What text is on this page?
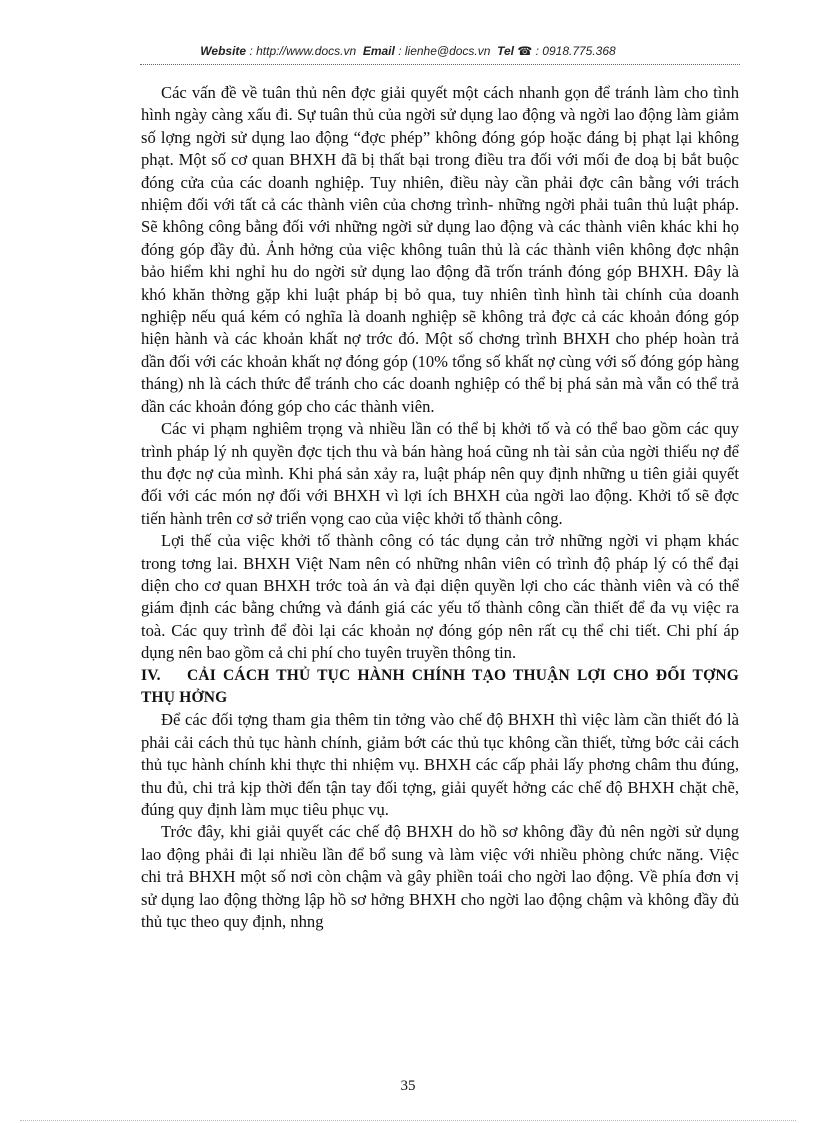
Website : http://www.docs.vn Email : lienhe@docs.vn Tel ☎ : 0918.775.368

Các vấn đề về tuân thủ nên đợc giải quyết một cách nhanh gọn để tránh làm cho tình hình ngày càng xấu đi. Sự tuân thủ của ngời sử dụng lao động và ngời lao động làm giảm số lợng ngời sử dụng lao động “đợc phép” không đóng góp hoặc đáng bị phạt lại không phạt. Một số cơ quan BHXH đã bị thất bại trong điều tra đối với mối đe doạ bị bắt buộc đóng cửa của các doanh nghiệp. Tuy nhiên, điều này cần phải đợc cân bằng với trách nhiệm đối với tất cả các thành viên của chơng trình- những ngời phải tuân thủ luật pháp. Sẽ không công bằng đối với những ngời sử dụng lao động và các thành viên khác khi họ đóng góp đầy đủ. Ảnh hởng của việc không tuân thủ là các thành viên không đợc nhận bảo hiểm khi nghỉ hu do ngời sử dụng lao động đã trốn tránh đóng góp BHXH. Đây là khó khăn thờng gặp khi luật pháp bị bỏ qua, tuy nhiên tình hình tài chính của doanh nghiệp nếu quá kém có nghĩa là doanh nghiệp sẽ không trả đợc cả các khoản đóng góp hiện hành và các khoản khất nợ trớc đó. Một số chơng trình BHXH cho phép hoàn trả dần đối với các khoản khất nợ đóng góp (10% tổng số khất nợ cùng với số đóng góp hàng tháng) nh là cách thức để tránh cho các doanh nghiệp có thể bị phá sản mà vẫn có thể trả dần các khoản đóng góp cho các thành viên.

Các vi phạm nghiêm trọng và nhiều lần có thể bị khởi tố và có thể bao gồm các quy trình pháp lý nh quyền đợc tịch thu và bán hàng hoá cũng nh tài sản của ngời thiếu nợ để thu đợc nợ của mình. Khi phá sản xảy ra, luật pháp nên quy định những u tiên giải quyết đối với các món nợ đối với BHXH vì lợi ích BHXH của ngời lao động. Khởi tố sẽ đợc tiến hành trên cơ sở triển vọng cao của việc khởi tố thành công.

Lợi thế của việc khởi tố thành công có tác dụng cản trở những ngời vi phạm khác trong tơng lai. BHXH Việt Nam nên có những nhân viên có trình độ pháp lý có thể đại diện cho cơ quan BHXH trớc toà án và đại diện quyền lợi cho các thành viên và có thể giám định các bằng chứng và đánh giá các yếu tố thành công cần thiết để đa vụ việc ra toà. Các quy trình để đòi lại các khoản nợ đóng góp nên rất cụ thể chi tiết. Chi phí áp dụng nên bao gồm cả chi phí cho tuyên truyền thông tin.

IV. CẢI CÁCH THỦ TỤC HÀNH CHÍNH TẠO THUẬN LỢI CHO ĐỐI TỢNG THỤ HỞNG

Để các đối tợng tham gia thêm tin tởng vào chế độ BHXH thì việc làm cần thiết đó là phải cải cách thủ tục hành chính, giảm bớt các thủ tục không cần thiết, từng bớc cải cách thủ tục hành chính khi thực thi nhiệm vụ. BHXH các cấp phải lấy phơng châm thu đúng, thu đủ, chi trả kịp thời đến tận tay đối tợng, giải quyết hởng các chế độ BHXH chặt chẽ, đúng quy định làm mục tiêu phục vụ.

Trớc đây, khi giải quyết các chế độ BHXH do hồ sơ không đầy đủ nên ngời sử dụng lao động phải đi lại nhiều lần để bổ sung và làm việc với nhiều phòng chức năng. Việc chi trả BHXH một số nơi còn chậm và gây phiền toái cho ngời lao động. Về phía đơn vị sử dụng lao động thờng lập hồ sơ hởng BHXH cho ngời lao động chậm và không đầy đủ thủ tục theo quy định, nhng

35
